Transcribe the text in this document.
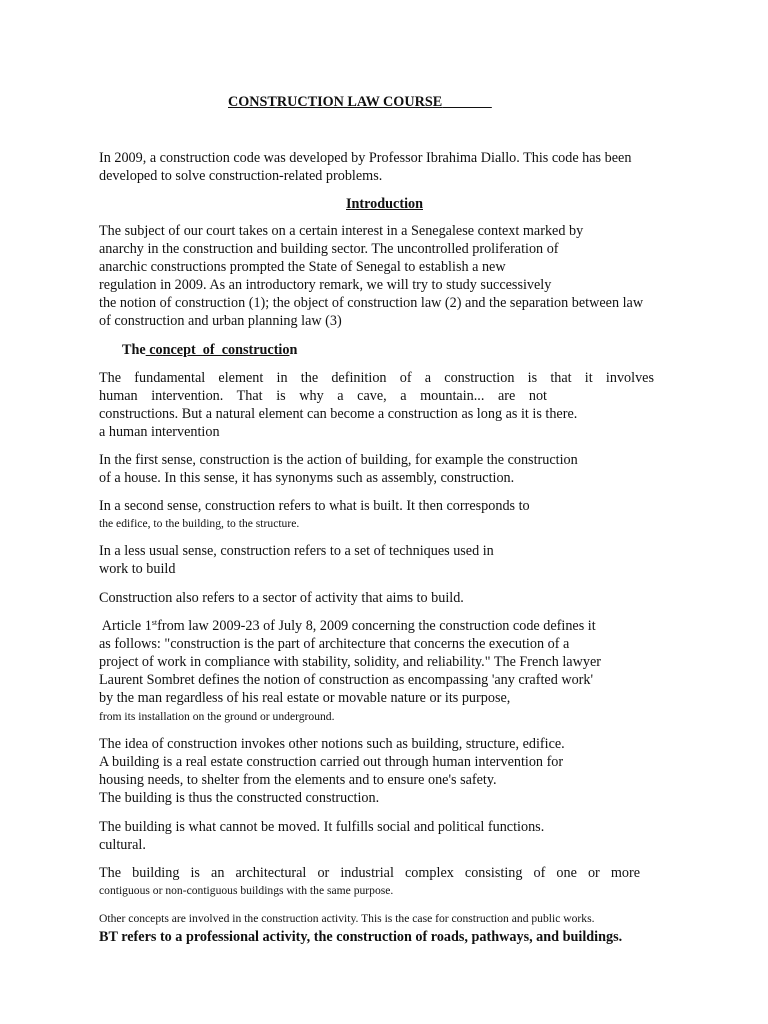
CONSTRUCTION LAW COURSE​
In 2009, a construction code was developed by Professor Ibrahima Diallo. This code has been
developed to solve construction-related problems.
Introduction
The subject of our court takes on a certain interest in a Senegalese context marked by
anarchy in the construction and building sector. The uncontrolled proliferation of
anarchic constructions prompted the State of Senegal to establish a new
regulation in 2009. As an introductory remark, we will try to study successively
the notion of construction (1); the object of construction law (2) and the separation between law
of construction and urban planning law (3)
The concept  of  construction
The fundamental element in the definition of a construction is that it involves
human intervention. That is why a cave, a mountain... are not
constructions. But a natural element can become a construction as long as it is there.
a human intervention
In the first sense, construction is the action of building, for example the construction
of a house. In this sense, it has synonyms such as assembly, construction.
In a second sense, construction refers to what is built. It then corresponds to
the edifice, to the building, to the structure.
In a less usual sense, construction refers to a set of techniques used in
work to build
Construction also refers to a sector of activity that aims to build.
Article 1stfrom law 2009-23 of July 8, 2009 concerning the construction code defines it
as follows: "construction is the part of architecture that concerns the execution of a
project of work in compliance with stability, solidity, and reliability." The French lawyer
Laurent Sombret defines the notion of construction as encompassing 'any crafted work'
by the man regardless of his real estate or movable nature or its purpose,
from its installation on the ground or underground.
The idea of construction invokes other notions such as building, structure, edifice.
A building is a real estate construction carried out through human intervention for
housing needs, to shelter from the elements and to ensure one's safety.
The building is thus the constructed construction.
The building is what cannot be moved. It fulfills social and political functions.
cultural.
The building is an architectural or industrial complex consisting of one or more
contiguous or non-contiguous buildings with the same purpose.
Other concepts are involved in the construction activity. This is the case for construction and public works.
BT refers to a professional activity, the construction of roads, pathways, and buildings.
